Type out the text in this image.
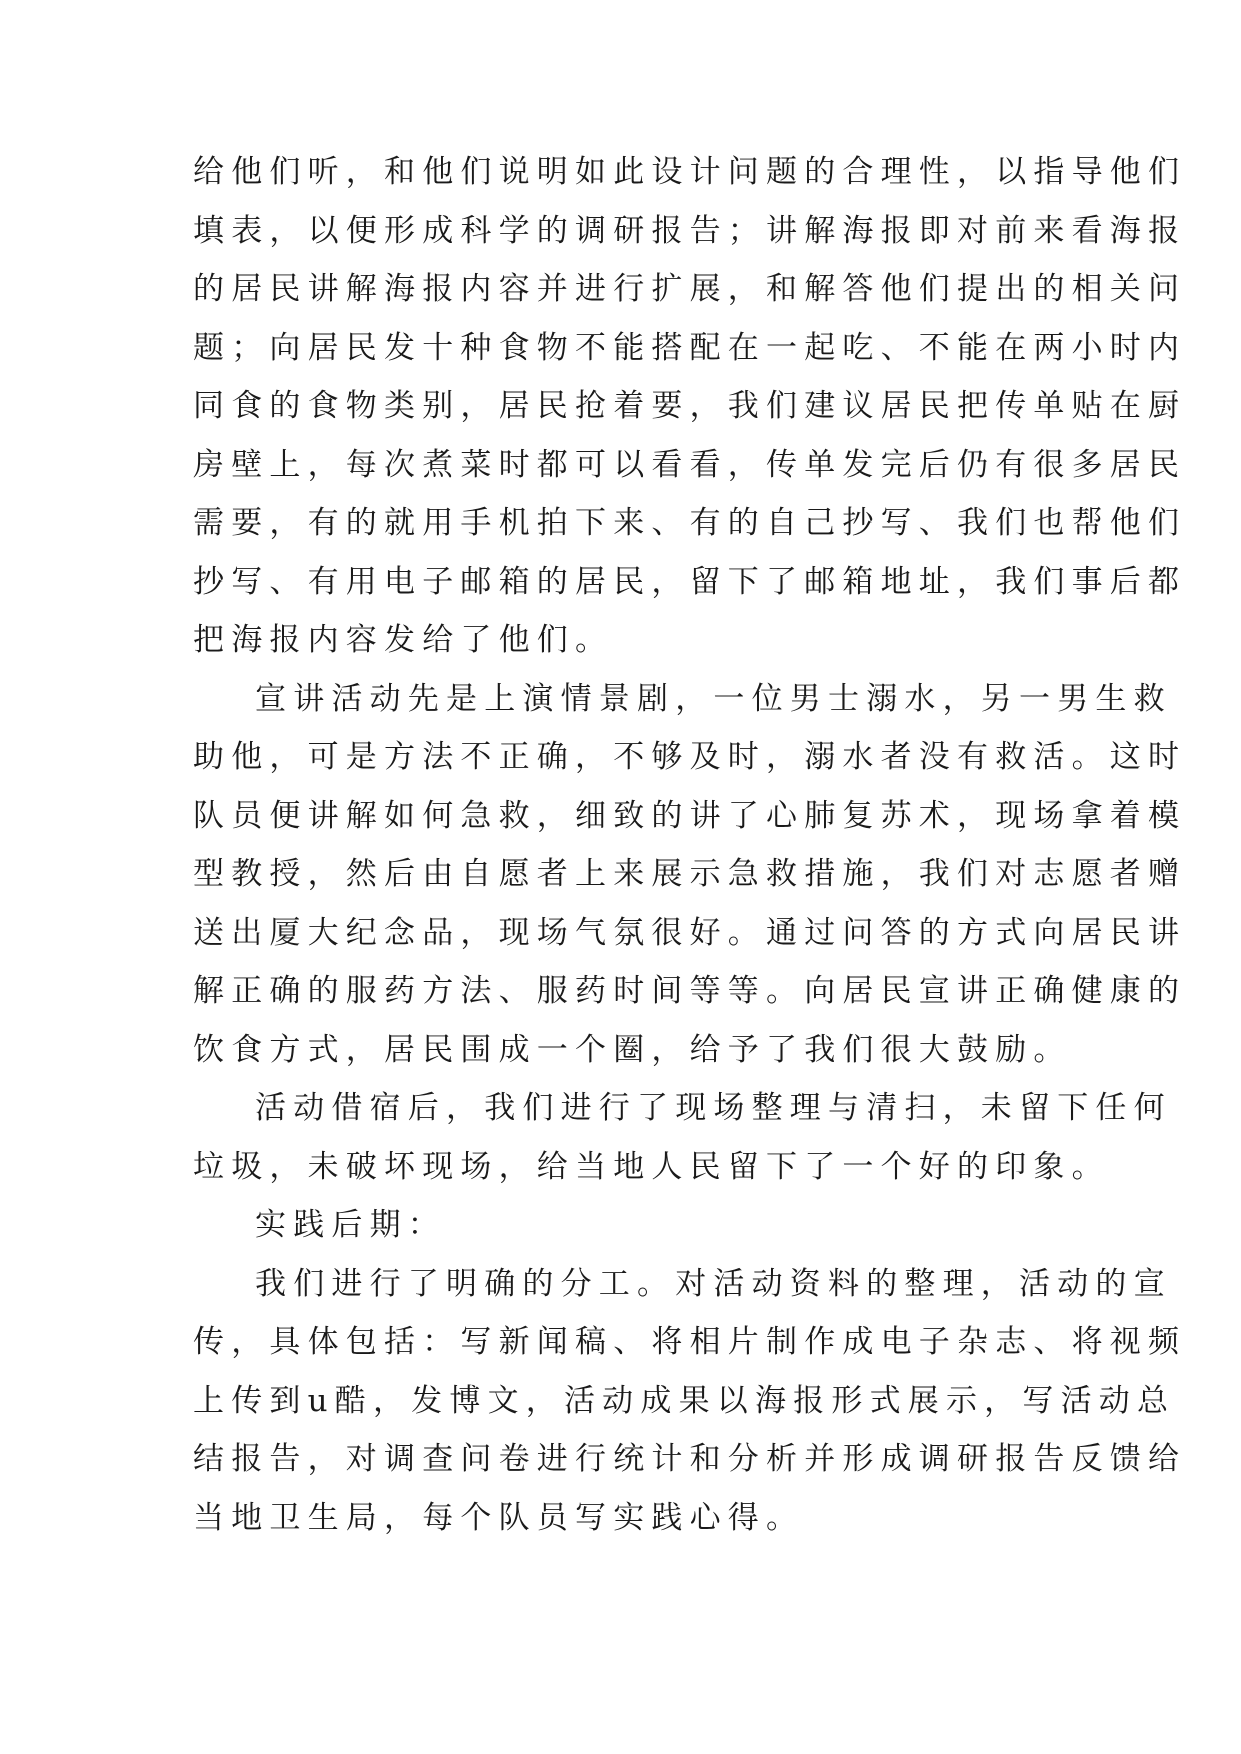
给他们听，和他们说明如此设计问题的合理性，以指导他们
填表，以便形成科学的调研报告；讲解海报即对前来看海报
的居民讲解海报内容并进行扩展，和解答他们提出的相关问
题；向居民发十种食物不能搭配在一起吃、不能在两小时内
同食的食物类别，居民抢着要，我们建议居民把传单贴在厨
房壁上，每次煮菜时都可以看看，传单发完后仍有很多居民
需要，有的就用手机拍下来、有的自己抄写、我们也帮他们
抄写、有用电子邮箱的居民，留下了邮箱地址，我们事后都
把海报内容发给了他们。
宣讲活动先是上演情景剧，一位男士溺水，另一男生救
助他，可是方法不正确，不够及时，溺水者没有救活。这时
队员便讲解如何急救，细致的讲了心肺复苏术，现场拿着模
型教授，然后由自愿者上来展示急救措施，我们对志愿者赠
送出厦大纪念品，现场气氛很好。通过问答的方式向居民讲
解正确的服药方法、服药时间等等。向居民宣讲正确健康的
饮食方式，居民围成一个圈，给予了我们很大鼓励。
活动借宿后，我们进行了现场整理与清扫，未留下任何
垃圾，未破坏现场，给当地人民留下了一个好的印象。
实践后期：
我们进行了明确的分工。对活动资料的整理，活动的宣
传，具体包括：写新闻稿、将相片制作成电子杂志、将视频
上传到u酷，发博文，活动成果以海报形式展示，写活动总
结报告，对调查问卷进行统计和分析并形成调研报告反馈给
当地卫生局，每个队员写实践心得。
